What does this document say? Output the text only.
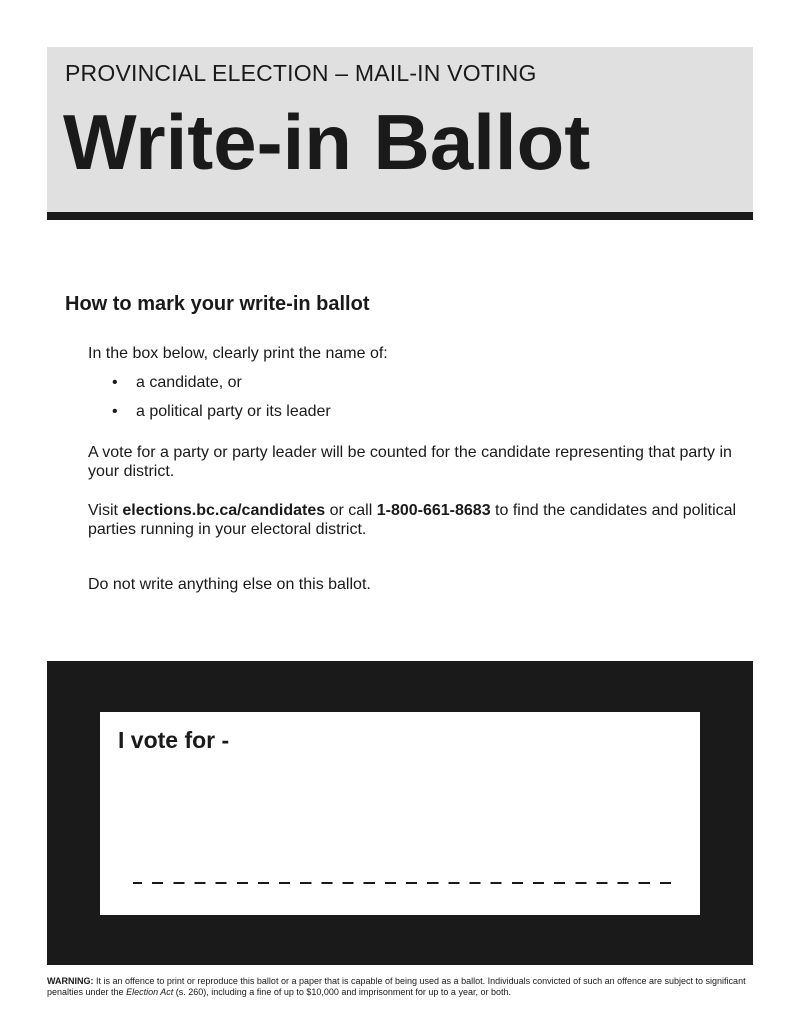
PROVINCIAL ELECTION – MAIL-IN VOTING
Write-in Ballot
How to mark your write-in ballot
In the box below, clearly print the name of:
• a candidate, or
• a political party or its leader
A vote for a party or party leader will be counted for the candidate representing that party in your district.
Visit elections.bc.ca/candidates or call 1-800-661-8683 to find the candidates and political parties running in your electoral district.
Do not write anything else on this ballot.
I vote for -
WARNING: It is an offence to print or reproduce this ballot or a paper that is capable of being used as a ballot. Individuals convicted of such an offence are subject to significant penalties under the Election Act (s. 260), including a fine of up to $10,000 and imprisonment for up to a year, or both.
